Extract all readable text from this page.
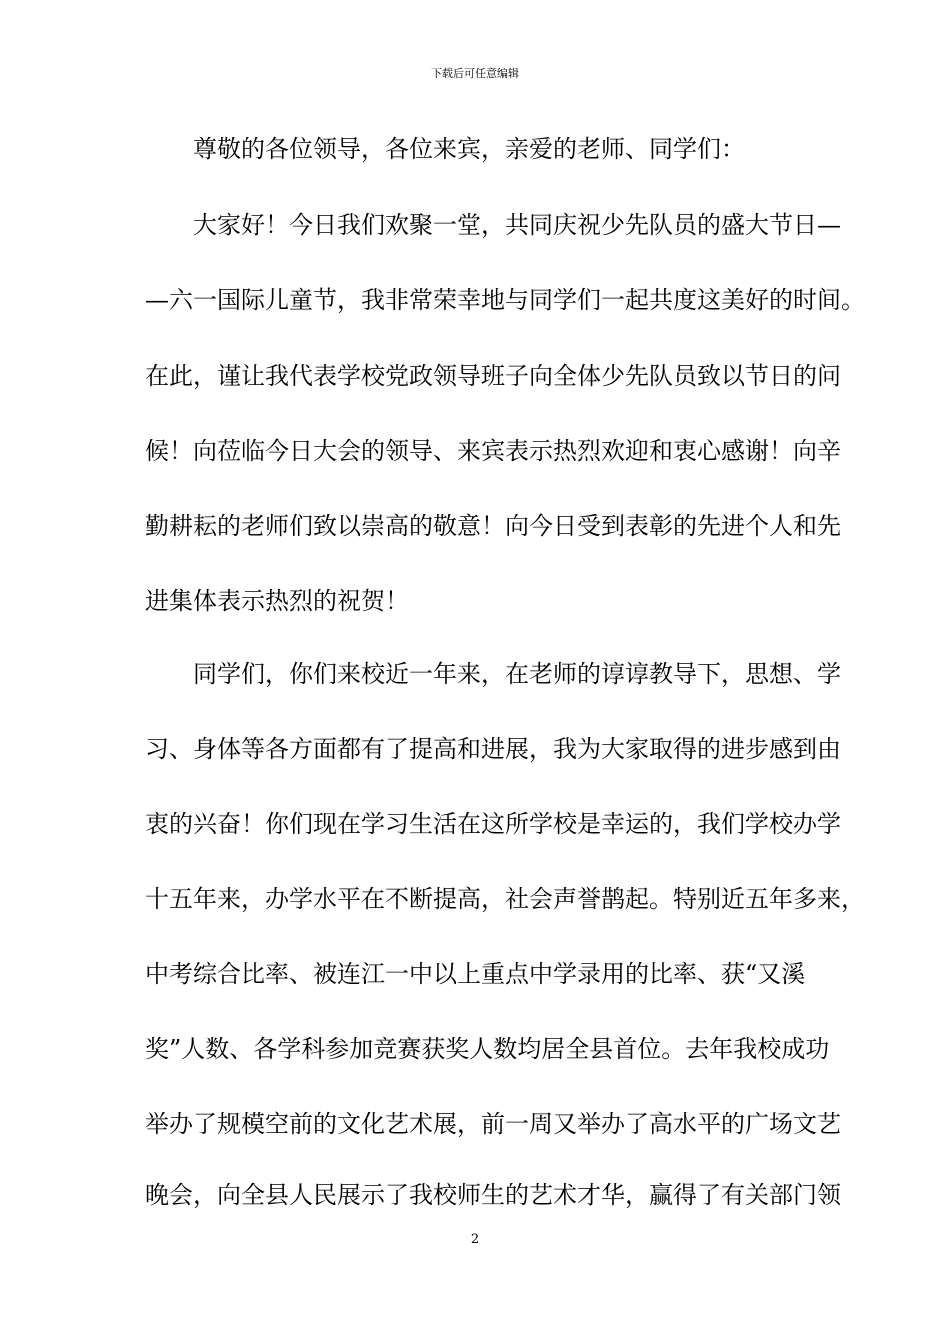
下载后可任意编辑
　　尊敬的各位领导，各位来宾，亲爱的老师、同学们：
　　大家好！今日我们欢聚一堂，共同庆祝少先队员的盛大节日—
—六一国际儿童节，我非常荣幸地与同学们一起共度这美好的时间。
在此，谨让我代表学校党政领导班子向全体少先队员致以节日的问
候！向莅临今日大会的领导、来宾表示热烈欢迎和衷心感谢！向辛
勤耕耘的老师们致以崇高的敬意！向今日受到表彰的先进个人和先
进集体表示热烈的祝贺！
　　同学们，你们来校近一年来，在老师的谆谆教导下，思想、学
习、身体等各方面都有了提高和进展，我为大家取得的进步感到由
衷的兴奋！你们现在学习生活在这所学校是幸运的，我们学校办学
十五年来，办学水平在不断提高，社会声誉鹊起。特别近五年多来，
中考综合比率、被连江一中以上重点中学录用的比率、获“又溪
奖”人数、各学科参加竞赛获奖人数均居全县首位。去年我校成功
举办了规模空前的文化艺术展，前一周又举办了高水平的广场文艺
晚会，向全县人民展示了我校师生的艺术才华，赢得了有关部门领
2
